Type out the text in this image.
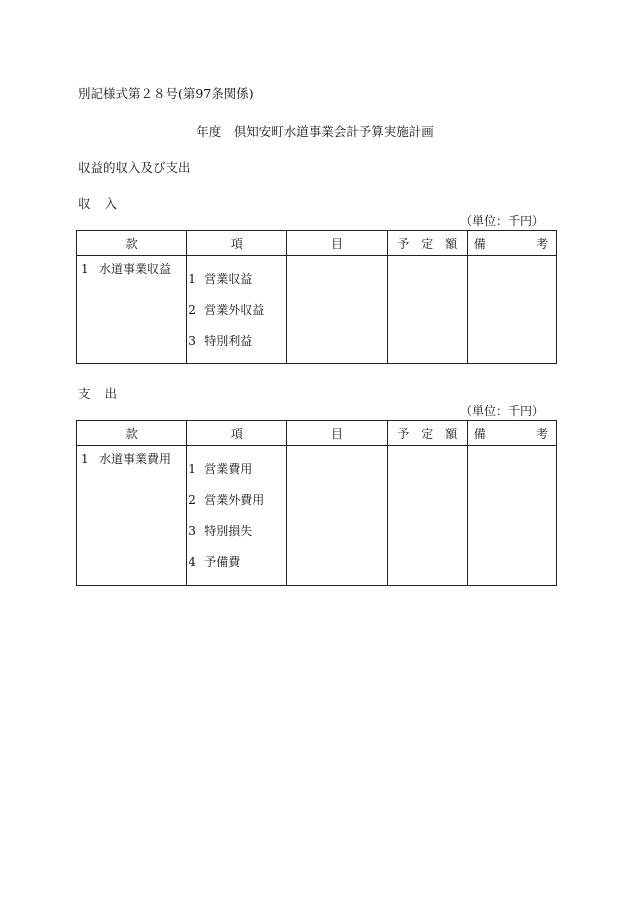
別記様式第２８号(第97条関係)
年度　倶知安町水道事業会計予算実施計画
収益的収入及び支出
収入
（単位：千円）
款	項	目	予　定　額	備 考

1 水道事業収益	1 営業収益
2 営業外収益
3 特別利益			

支出
（単位：千円）
款	項	目	予　定　額	備 考

1 水道事業費用	1 営業費用
2 営業外費用
3 特別損失
4 予備費			
